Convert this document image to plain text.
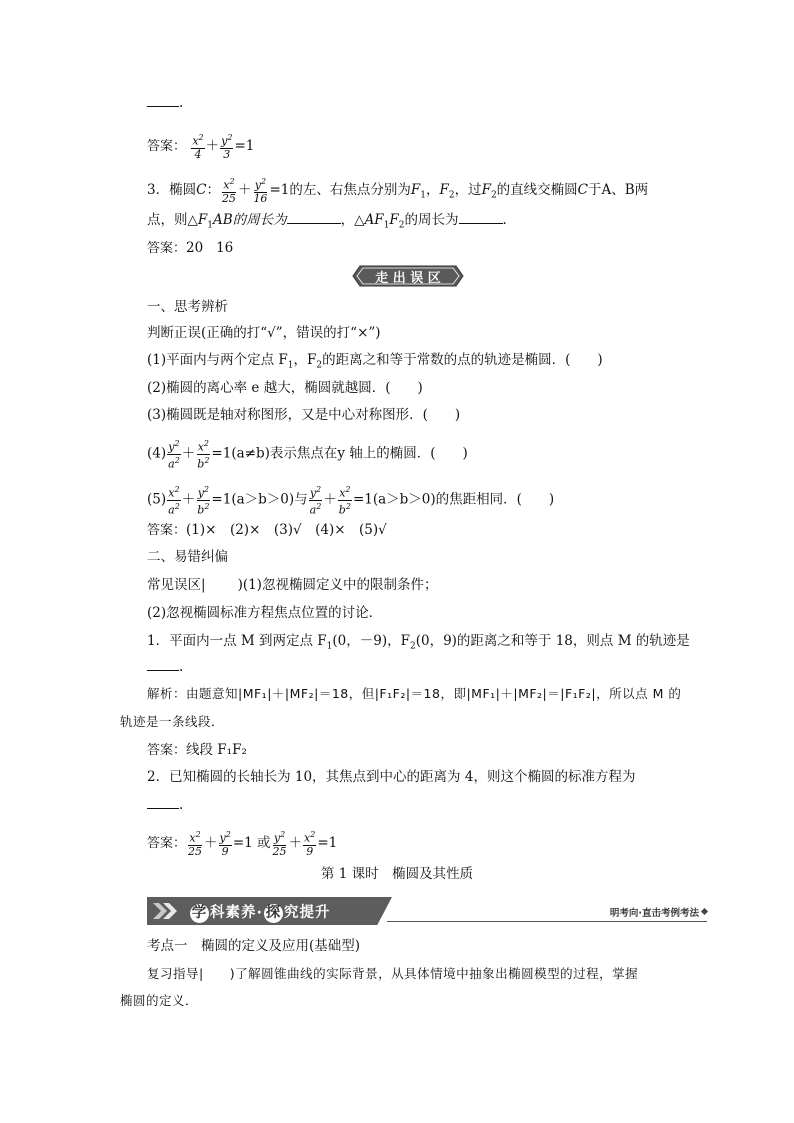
.
答案： $\frac{x^2}{4} + \frac{y^2}{3} =1$
3．椭圆C： $\frac{x^2}{25} + \frac{y^2}{16} =1$的左、右焦点分别为$F_1$，$F_2$，过$F_2$的直线交椭圆C于A、B两
点，则$\triangle F_1AB$的周长为	，$\triangle AF_1F_2$的周长为	.
答案：20   16
走 出 误 区
一、思考辨析
判断正误(正确的打“√”，错误的打“×”)
(1)平面内与两个定点 $F_1$，$F_2$的距离之和等于常数的点的轨迹是椭圆．(　　)
(2)椭圆的离心率 e 越大，椭圆就越圆．(　　)
(3)椭圆既是轴对称图形，又是中心对称图形．(　　)
$(4) \frac{y^2}{a^2} + \frac{x^2}{b^2} =1(a\ne b)$表示焦点在y 轴上的椭圆．(　　)
$(5) \frac{x^2}{a^2} + \frac{y^2}{b^2} =1(a>b>0)$与 $\frac{y^2}{a^2} + \frac{x^2}{b^2} =1(a>b>0)$的焦距相同．(　　)
答案：(1)×　(2)×　(3)√　(4)×　(5)√
二、易错纠偏
常见误区| )(1)忽视椭圆定义中的限制条件；
(2)忽视椭圆标准方程焦点位置的讨论．
1．平面内一点 M 到两定点 $F_1(0$，－9)，$F_2(0$，9)的距离之和等于 18，则点 M 的轨迹是
.
解析：由题意知|MF₁|＋|MF₂|＝18，但|F₁F₂|＝18，即|MF₁|＋|MF₂|＝|F₁F₂|，所以点 M 的
轨迹是一条线段．
答案：线段 F₁F₂
2．已知椭圆的长轴长为 10，其焦点到中心的距离为 4，则这个椭圆的标准方程为
.
答案： $\frac{x^2}{25} + \frac{y^2}{9} =1$ 或 $\frac{y^2}{25} + \frac{x^2}{9} =1$
第 1 课时　椭圆及其性质
学 科素养· 探 究提升	明考向·直击考例考法
考点一　椭圆的定义及应用(基础型)
复习指导| )了解圆锥曲线的实际背景，从具体情境中抽象出椭圆模型的过程，掌握
椭圆的定义．
